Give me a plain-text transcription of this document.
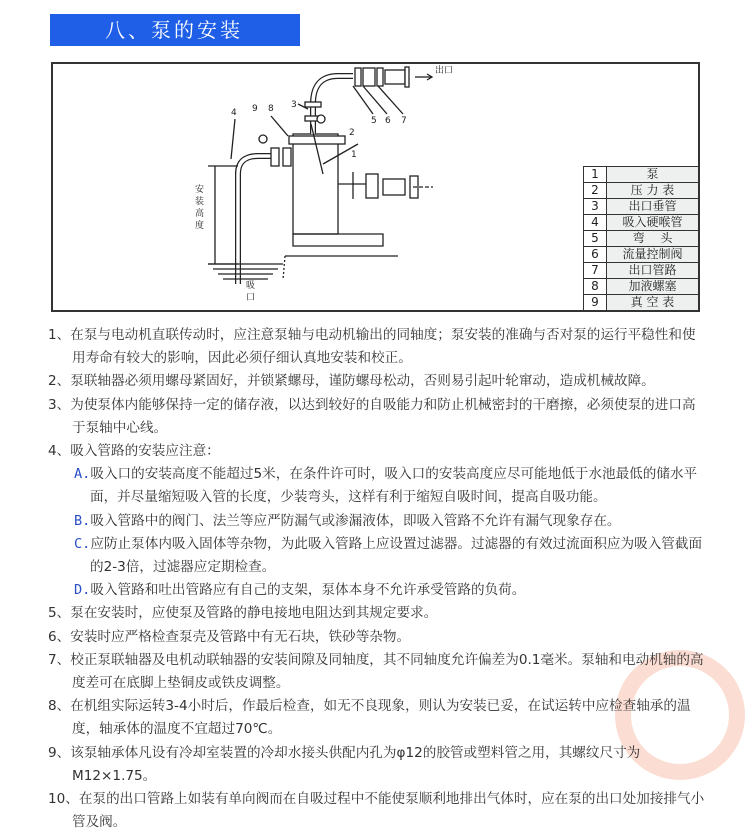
八、泵的安装
出口
安装高度
吸口
1
2
3
4
5 6 7
8
9
1	泵
2	压 力 表
3	出口垂管
4	吸入硬喉管
5	弯　 头
6	流量控制阀
7	出口管路
8	加液螺塞
9	真 空 表

1、在泵与电动机直联传动时，应注意泵轴与电动机输出的同轴度；泵安装的准确与否对泵的运行平稳性和使用寿命有较大的影响，因此必须仔细认真地安装和校正。

2、泵联轴器必须用螺母紧固好，并锁紧螺母，谨防螺母松动，否则易引起叶轮窜动，造成机械故障。

3、为使泵体内能够保持一定的储存液，以达到较好的自吸能力和防止机械密封的干磨擦，必须使泵的进口高于泵轴中心线。

4、吸入管路的安装应注意：

A.吸入口的安装高度不能超过5米，在条件许可时，吸入口的安装高度应尽可能地低于水池最低的储水平面，并尽量缩短吸入管的长度，少装弯头，这样有利于缩短自吸时间，提高自吸功能。

B.吸入管路中的阀门、法兰等应严防漏气或渗漏液体，即吸入管路不允许有漏气现象存在。

C.应防止泵体内吸入固体等杂物，为此吸入管路上应设置过滤器。过滤器的有效过流面积应为吸入管截面的2-3倍，过滤器应定期检查。

D.吸入管路和吐出管路应有自己的支架，泵体本身不允许承受管路的负荷。

5、泵在安装时，应使泵及管路的静电接地电阻达到其规定要求。

6、安装时应严格检查泵壳及管路中有无石块，铁砂等杂物。

7、校正泵联轴器及电机动联轴器的安装间隙及同轴度，其不同轴度允许偏差为0.1毫米。泵轴和电动机轴的高度差可在底脚上垫铜皮或铁皮调整。

8、在机组实际运转3-4小时后，作最后检查，如无不良现象，则认为安装已妥，在试运转中应检查轴承的温度，轴承体的温度不宜超过70℃。

9、该泵轴承体凡设有冷却室装置的冷却水接头供配内孔为φ12的胶管或塑料管之用，其螺纹尺寸为M12×1.75。

10、在泵的出口管路上如装有单向阀而在自吸过程中不能使泵顺利地排出气体时，应在泵的出口处加接排气小管及阀。
